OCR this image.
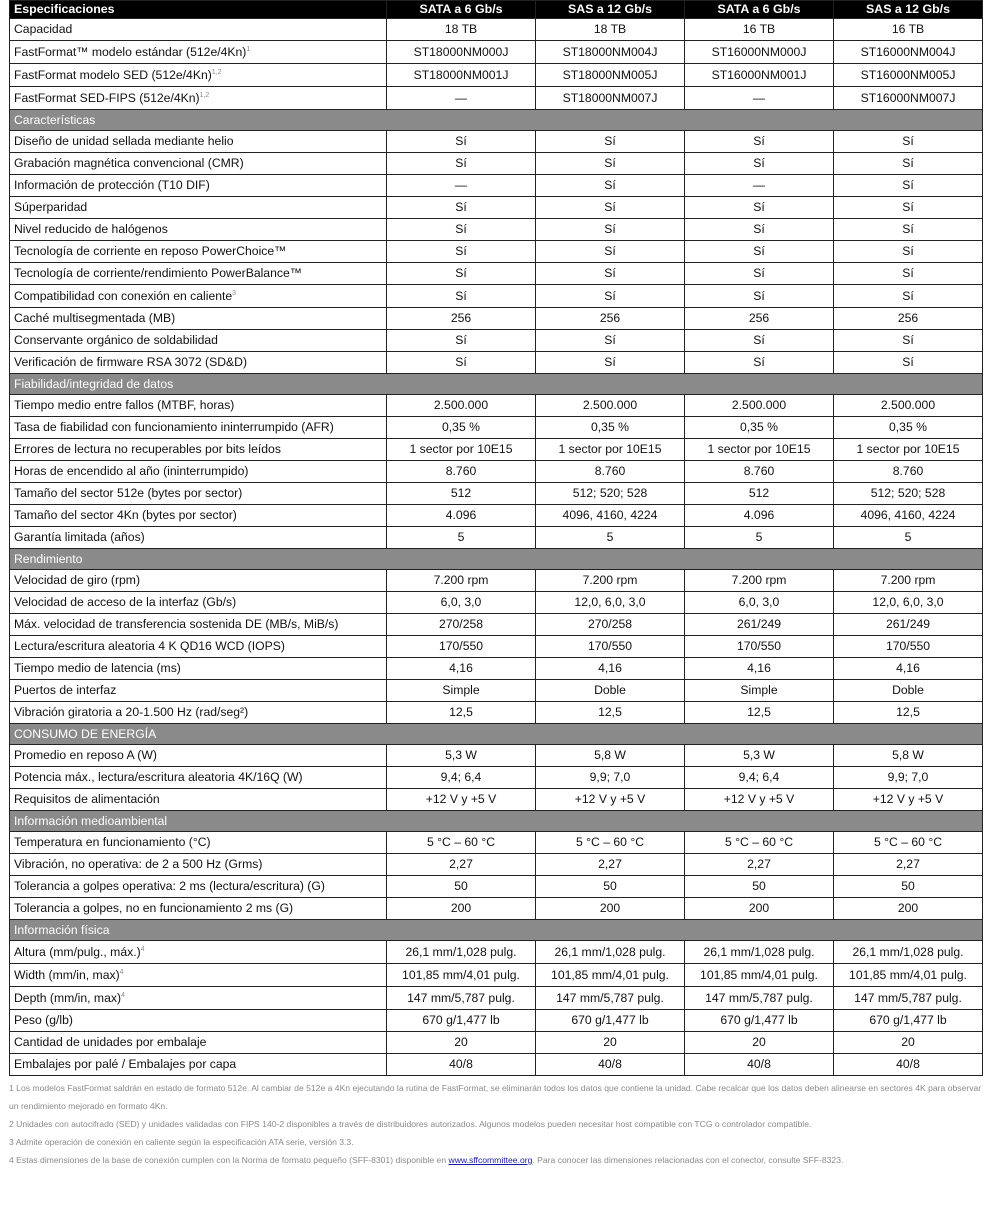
Especificaciones	SATA a 6 Gb/s	SAS a 12 Gb/s	SATA a 6 Gb/s	SAS a 12 Gb/s
Capacidad	18 TB	18 TB	16 TB	16 TB
FastFormat™ modelo estándar $(512e/4Kn)^1$	ST18000NM000J	ST18000NM004J	ST16000NM000J	ST16000NM004J
FastFormat modelo SED $(512e/4Kn)^{1,2}$	ST18000NM001J	ST18000NM005J	ST16000NM001J	ST16000NM005J
FastFormat SED-FIPS $(512e/4Kn)^{1,2}$	—	ST18000NM007J	—	ST16000NM007J
Características				
Diseño de unidad sellada mediante helio	Sí	Sí	Sí	Sí
Grabación magnética convencional (CMR)	Sí	Sí	Sí	Sí
Información de protección (T10 DIF)	—	Sí	—	Sí
Súperparidad	Sí	Sí	Sí	Sí
Nivel reducido de halógenos	Sí	Sí	Sí	Sí
Tecnología de corriente en reposo PowerChoice™	Sí	Sí	Sí	Sí
Tecnología de corriente/rendimiento PowerBalance™	Sí	Sí	Sí	Sí
Compatibilidad con conexión en caliente$^3$	Sí	Sí	Sí	Sí
Caché multisegmentada (MB)	256	256	256	256
Conservante orgánico de soldabilidad	Sí	Sí	Sí	Sí
Verificación de firmware RSA 3072 (SD&D)	Sí	Sí	Sí	Sí
Fiabilidad/integridad de datos				
Tiempo medio entre fallos (MTBF, horas)	2.500.000	2.500.000	2.500.000	2.500.000
Tasa de fiabilidad con funcionamiento ininterrumpido (AFR)	0,35 %	0,35 %	0,35 %	0,35 %
Errores de lectura no recuperables por bits leídos	1 sector por 10E15	1 sector por 10E15	1 sector por 10E15	1 sector por 10E15
Horas de encendido al año (ininterrumpido)	8.760	8.760	8.760	8.760
Tamaño del sector 512e (bytes por sector)	512	512; 520; 528	512	512; 520; 528
Tamaño del sector 4Kn (bytes por sector)	4.096	4096, 4160, 4224	4.096	4096, 4160, 4224
Garantía limitada (años)	5	5	5	5
Rendimiento				
Velocidad de giro (rpm)	7.200 rpm	7.200 rpm	7.200 rpm	7.200 rpm
Velocidad de acceso de la interfaz (Gb/s)	6,0, 3,0	12,0, 6,0, 3,0	6,0, 3,0	12,0, 6,0, 3,0
Máx. velocidad de transferencia sostenida DE (MB/s, MiB/s)	270/258	270/258	261/249	261/249
Lectura/escritura aleatoria 4 K QD16 WCD (IOPS)	170/550	170/550	170/550	170/550
Tiempo medio de latencia (ms)	4,16	4,16	4,16	4,16
Puertos de interfaz	Simple	Doble	Simple	Doble
Vibración giratoria a 20-1.500 Hz (rad/seg²)	12,5	12,5	12,5	12,5
CONSUMO DE ENERGÍA				
Promedio en reposo A (W)	5,3 W	5,8 W	5,3 W	5,8 W
Potencia máx., lectura/escritura aleatoria 4K/16Q (W)	9,4; 6,4	9,9; 7,0	9,4; 6,4	9,9; 7,0
Requisitos de alimentación	+12 V y +5 V	+12 V y +5 V	+12 V y +5 V	+12 V y +5 V
Información medioambiental				
Temperatura en funcionamiento (°C)	5 °C – 60 °C	5 °C – 60 °C	5 °C – 60 °C	5 °C – 60 °C
Vibración, no operativa: de 2 a 500 Hz (Grms)	2,27	2,27	2,27	2,27
Tolerancia a golpes operativa: 2 ms (lectura/escritura) (G)	50	50	50	50
Tolerancia a golpes, no en funcionamiento 2 ms (G)	200	200	200	200
Información física				
Altura (mm/pulg., máx.)$^4$	26,1 mm/1,028 pulg.	26,1 mm/1,028 pulg.	26,1 mm/1,028 pulg.	26,1 mm/1,028 pulg.
Width (mm/in, max)$^4$	101,85 mm/4,01 pulg.	101,85 mm/4,01 pulg.	101,85 mm/4,01 pulg.	101,85 mm/4,01 pulg.
Depth (mm/in, max)$^4$	147 mm/5,787 pulg.	147 mm/5,787 pulg.	147 mm/5,787 pulg.	147 mm/5,787 pulg.
Peso (g/lb)	670 g/1,477 lb	670 g/1,477 lb	670 g/1,477 lb	670 g/1,477 lb
Cantidad de unidades por embalaje	20	20	20	20
Embalajes por palé / Embalajes por capa	40/8	40/8	40/8	40/8

1 Los modelos FastFormat saldrán en estado de formato 512e. Al cambiar de 512e a 4Kn ejecutando la rutina de FastFormat, se eliminarán todos los datos que contiene la unidad. Cabe recalcar que los datos deben alinearse en sectores 4K para observar un rendimiento mejorado en formato 4Kn.

2 Unidades con autocifrado (SED) y unidades validadas con FIPS 140-2 disponibles a través de distribuidores autorizados. Algunos modelos pueden necesitar host compatible con TCG o controlador compatible.

3 Admite operación de conexión en caliente según la especificación ATA serie, versión 3.3.

4 Estas dimensiones de la base de conexión cumplen con la Norma de formato pequeño (SFF-8301) disponible en www.sffcommittee.org. Para conocer las dimensiones relacionadas con el conector, consulte SFF-8323.
